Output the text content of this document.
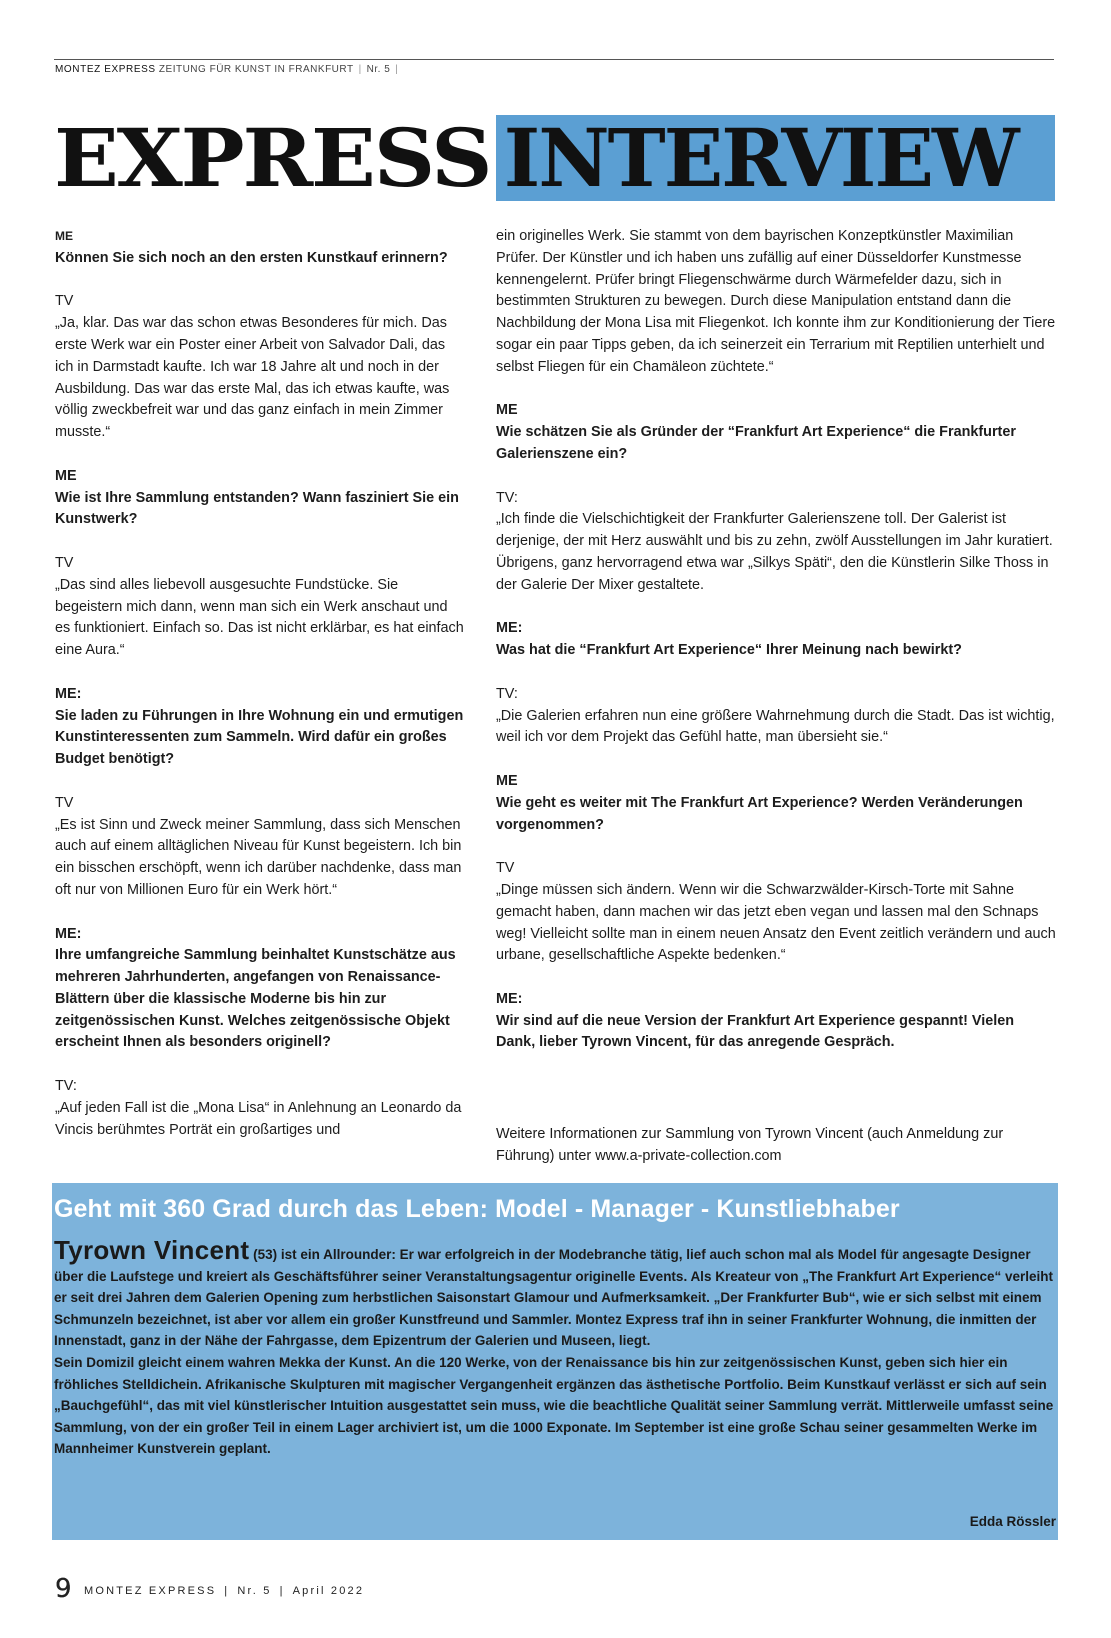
MONTEZ EXPRESS ZEITUNG FÜR KUNST IN FRANKFURT | Nr. 5 |
EXPRESS INTERVIEW

ME

Können Sie sich noch an den ersten Kunstkauf erinnern?

TV

„Ja, klar. Das war das schon etwas Besonderes für mich. Das erste Werk war ein Poster einer Arbeit von Salvador Dali, das ich in Darmstadt kaufte. Ich war 18 Jahre alt und noch in der Ausbildung. Das war das erste Mal, das ich etwas kaufte, was völlig zweckbefreit war und das ganz einfach in mein Zimmer musste.“

ME

Wie ist Ihre Sammlung entstanden? Wann fasziniert Sie ein Kunstwerk?

TV

„Das sind alles liebevoll ausgesuchte Fundstücke. Sie begeistern mich dann, wenn man sich ein Werk anschaut und es funktioniert. Einfach so. Das ist nicht erklärbar, es hat einfach eine Aura.“

ME:

Sie laden zu Führungen in Ihre Wohnung ein und ermutigen Kunstinteressenten zum Sammeln. Wird dafür ein großes Budget benötigt?

TV

„Es ist Sinn und Zweck meiner Sammlung, dass sich Menschen auch auf einem alltäglichen Niveau für Kunst begeistern. Ich bin ein bisschen erschöpft, wenn ich darüber nachdenke, dass man oft nur von Millionen Euro für ein Werk hört.“

ME:

Ihre umfangreiche Sammlung beinhaltet Kunstschätze aus mehreren Jahrhunderten, angefangen von Renaissance-Blättern über die klassische Moderne bis hin zur zeitgenössischen Kunst. Welches zeitgenössische Objekt erscheint Ihnen als besonders originell?

TV:

„Auf jeden Fall ist die „Mona Lisa“ in Anlehnung an Leonardo da Vincis berühmtes Porträt ein großartiges und

ein originelles Werk. Sie stammt von dem bayrischen Konzeptkünstler Maximilian Prüfer. Der Künstler und ich haben uns zufällig auf einer Düsseldorfer Kunstmesse kennengelernt. Prüfer bringt Fliegenschwärme durch Wärmefelder dazu, sich in bestimmten Strukturen zu bewegen. Durch diese Manipulation entstand dann die Nachbildung der Mona Lisa mit Fliegenkot. Ich konnte ihm zur Konditionierung der Tiere sogar ein paar Tipps geben, da ich seinerzeit ein Terrarium mit Reptilien unterhielt und selbst Fliegen für ein Chamäleon züchtete.“

ME

Wie schätzen Sie als Gründer der “Frankfurt Art Experience“ die Frankfurter Galerienszene ein?

TV:

„Ich finde die Vielschichtigkeit der Frankfurter Galerienszene toll. Der Galerist ist derjenige, der mit Herz auswählt und bis zu zehn, zwölf Ausstellungen im Jahr kuratiert. Übrigens, ganz hervorragend etwa war „Silkys Späti“, den die Künstlerin Silke Thoss in der Galerie Der Mixer gestaltete.

ME:

Was hat die “Frankfurt Art Experience“ Ihrer Meinung nach bewirkt?

TV:

„Die Galerien erfahren nun eine größere Wahrnehmung durch die Stadt. Das ist wichtig, weil ich vor dem Projekt das Gefühl hatte, man übersieht sie.“

ME

Wie geht es weiter mit The Frankfurt Art Experience? Werden Veränderungen vorgenommen?

TV

„Dinge müssen sich ändern. Wenn wir die Schwarzwälder-Kirsch-Torte mit Sahne gemacht haben, dann machen wir das jetzt eben vegan und lassen mal den Schnaps weg! Vielleicht sollte man in einem neuen Ansatz den Event zeitlich verändern und auch urbane, gesellschaftliche Aspekte bedenken.“

ME:

Wir sind auf die neue Version der Frankfurt Art Experience gespannt! Vielen Dank, lieber Tyrown Vincent, für das anregende Gespräch.

Weitere Informationen zur Sammlung von Tyrown Vincent (auch Anmeldung zur Führung) unter www.a-private-collection.com
Geht mit 360 Grad durch das Leben: Model - Manager - Kunstliebhaber
Tyrown Vincent (53) ist ein Allrounder: Er war erfolgreich in der Modebranche tätig, lief auch schon mal als Model für angesagte Designer über die Laufstege und kreiert als Geschäftsführer seiner Veranstaltungsagentur originelle Events. Als Kreateur von „The Frankfurt Art Experience“ verleiht er seit drei Jahren dem Galerien Opening zum herbstlichen Saisonstart Glamour und Aufmerksamkeit. „Der Frankfurter Bub“, wie er sich selbst mit einem Schmunzeln bezeichnet, ist aber vor allem ein großer Kunstfreund und Sammler. Montez Express traf ihn in seiner Frankfurter Wohnung, die inmitten der Innenstadt, ganz in der Nähe der Fahrgasse, dem Epizentrum der Galerien und Museen, liegt.
Sein Domizil gleicht einem wahren Mekka der Kunst. An die 120 Werke, von der Renaissance bis hin zur zeitgenössischen Kunst, geben sich hier ein fröhliches Stelldichein. Afrikanische Skulpturen mit magischer Vergangenheit ergänzen das ästhetische Portfolio. Beim Kunstkauf verlässt er sich auf sein „Bauchgefühl“, das mit viel künstlerischer Intuition ausgestattet sein muss, wie die beachtliche Qualität seiner Sammlung verrät. Mittlerweile umfasst seine Sammlung, von der ein großer Teil in einem Lager archiviert ist, um die 1000 Exponate. Im September ist eine große Schau seiner gesammelten Werke im Mannheimer Kunstverein geplant.
Edda Rössler
9 MONTEZ EXPRESS | Nr. 5 | April 2022
